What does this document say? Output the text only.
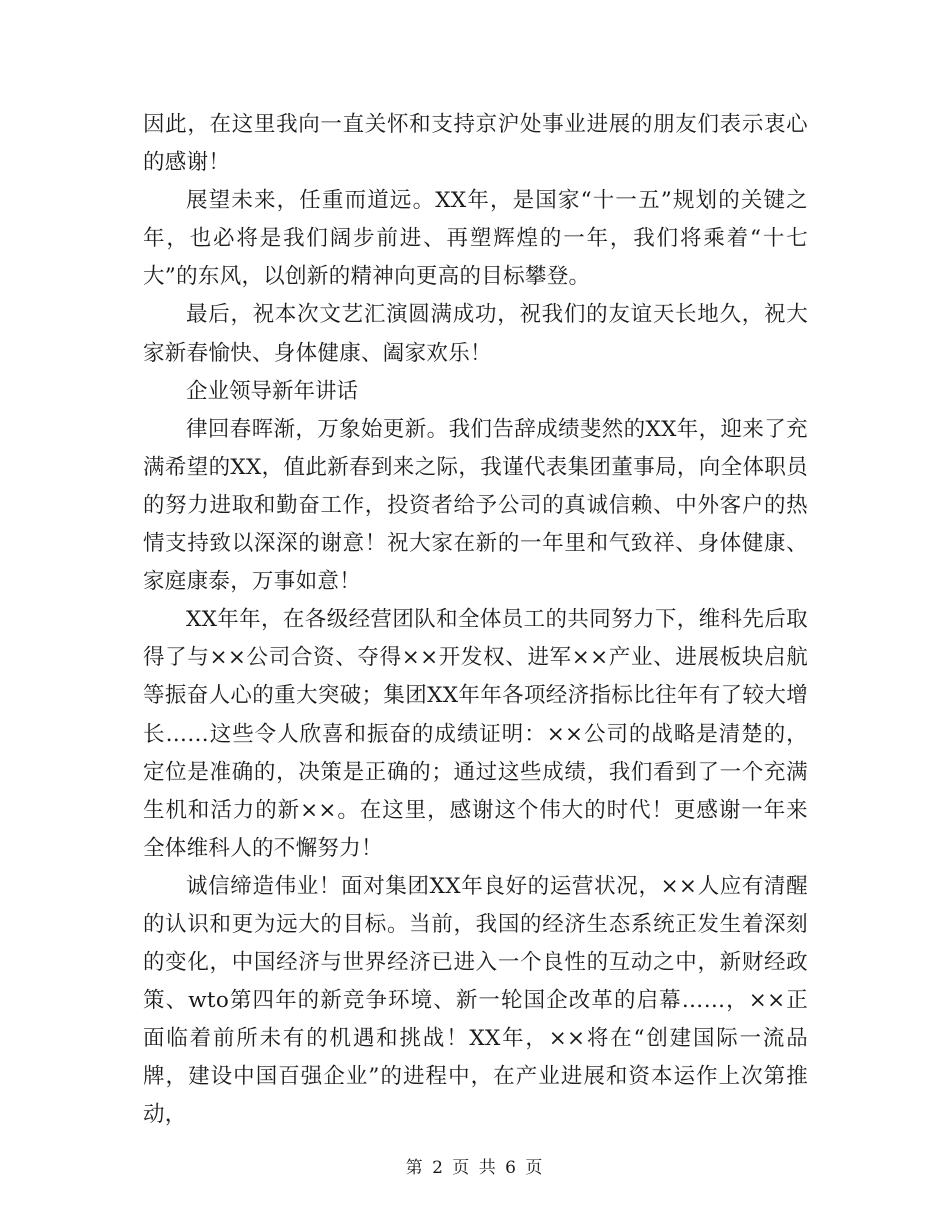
因此，在这里我向一直关怀和支持京沪处事业进展的朋友们表示衷心的感谢！

展望未来，任重而道远。XX年，是国家“十一五”规划的关键之年，也必将是我们阔步前进、再塑辉煌的一年，我们将乘着“十七大”的东风，以创新的精神向更高的目标攀登。

最后，祝本次文艺汇演圆满成功，祝我们的友谊天长地久，祝大家新春愉快、身体健康、阖家欢乐！

企业领导新年讲话

律回春晖渐，万象始更新。我们告辞成绩斐然的XX年，迎来了充满希望的XX，值此新春到来之际，我谨代表集团董事局，向全体职员的努力进取和勤奋工作，投资者给予公司的真诚信赖、中外客户的热情支持致以深深的谢意！祝大家在新的一年里和气致祥、身体健康、家庭康泰，万事如意！

XX年年，在各级经营团队和全体员工的共同努力下，维科先后取得了与××公司合资、夺得××开发权、进军××产业、进展板块启航等振奋人心的重大突破；集团XX年年各项经济指标比往年有了较大增长……这些令人欣喜和振奋的成绩证明：××公司的战略是清楚的，定位是准确的，决策是正确的；通过这些成绩，我们看到了一个充满生机和活力的新××。在这里，感谢这个伟大的时代！更感谢一年来全体维科人的不懈努力！

诚信缔造伟业！面对集团XX年良好的运营状况，××人应有清醒的认识和更为远大的目标。当前，我国的经济生态系统正发生着深刻的变化，中国经济与世界经济已进入一个良性的互动之中，新财经政策、wto第四年的新竞争环境、新一轮国企改革的启幕……，××正面临着前所未有的机遇和挑战！XX年，××将在“创建国际一流品牌，建设中国百强企业”的进程中，在产业进展和资本运作上次第推动，

第 2 页 共 6 页
